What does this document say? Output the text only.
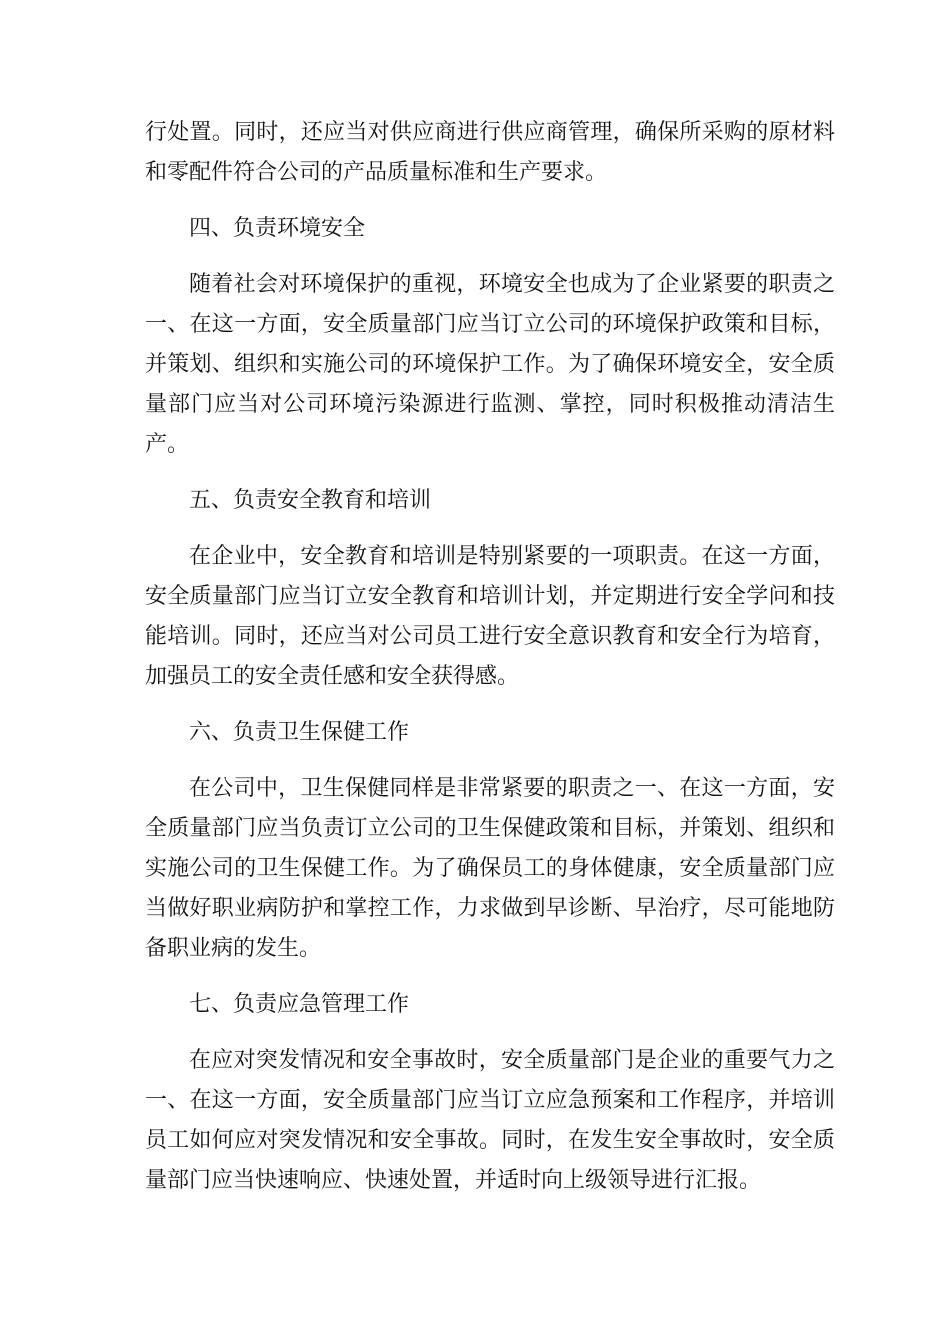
行处置。同时，还应当对供应商进行供应商管理，确保所采购的原材料和零配件符合公司的产品质量标准和生产要求。

四、负责环境安全

随着社会对环境保护的重视，环境安全也成为了企业紧要的职责之一、在这一方面，安全质量部门应当订立公司的环境保护政策和目标，并策划、组织和实施公司的环境保护工作。为了确保环境安全，安全质量部门应当对公司环境污染源进行监测、掌控，同时积极推动清洁生产。

五、负责安全教育和培训

在企业中，安全教育和培训是特别紧要的一项职责。在这一方面，安全质量部门应当订立安全教育和培训计划，并定期进行安全学问和技能培训。同时，还应当对公司员工进行安全意识教育和安全行为培育，加强员工的安全责任感和安全获得感。

六、负责卫生保健工作

在公司中，卫生保健同样是非常紧要的职责之一、在这一方面，安全质量部门应当负责订立公司的卫生保健政策和目标，并策划、组织和实施公司的卫生保健工作。为了确保员工的身体健康，安全质量部门应当做好职业病防护和掌控工作，力求做到早诊断、早治疗，尽可能地防备职业病的发生。

七、负责应急管理工作

在应对突发情况和安全事故时，安全质量部门是企业的重要气力之一、在这一方面，安全质量部门应当订立应急预案和工作程序，并培训员工如何应对突发情况和安全事故。同时，在发生安全事故时，安全质量部门应当快速响应、快速处置，并适时向上级领导进行汇报。
